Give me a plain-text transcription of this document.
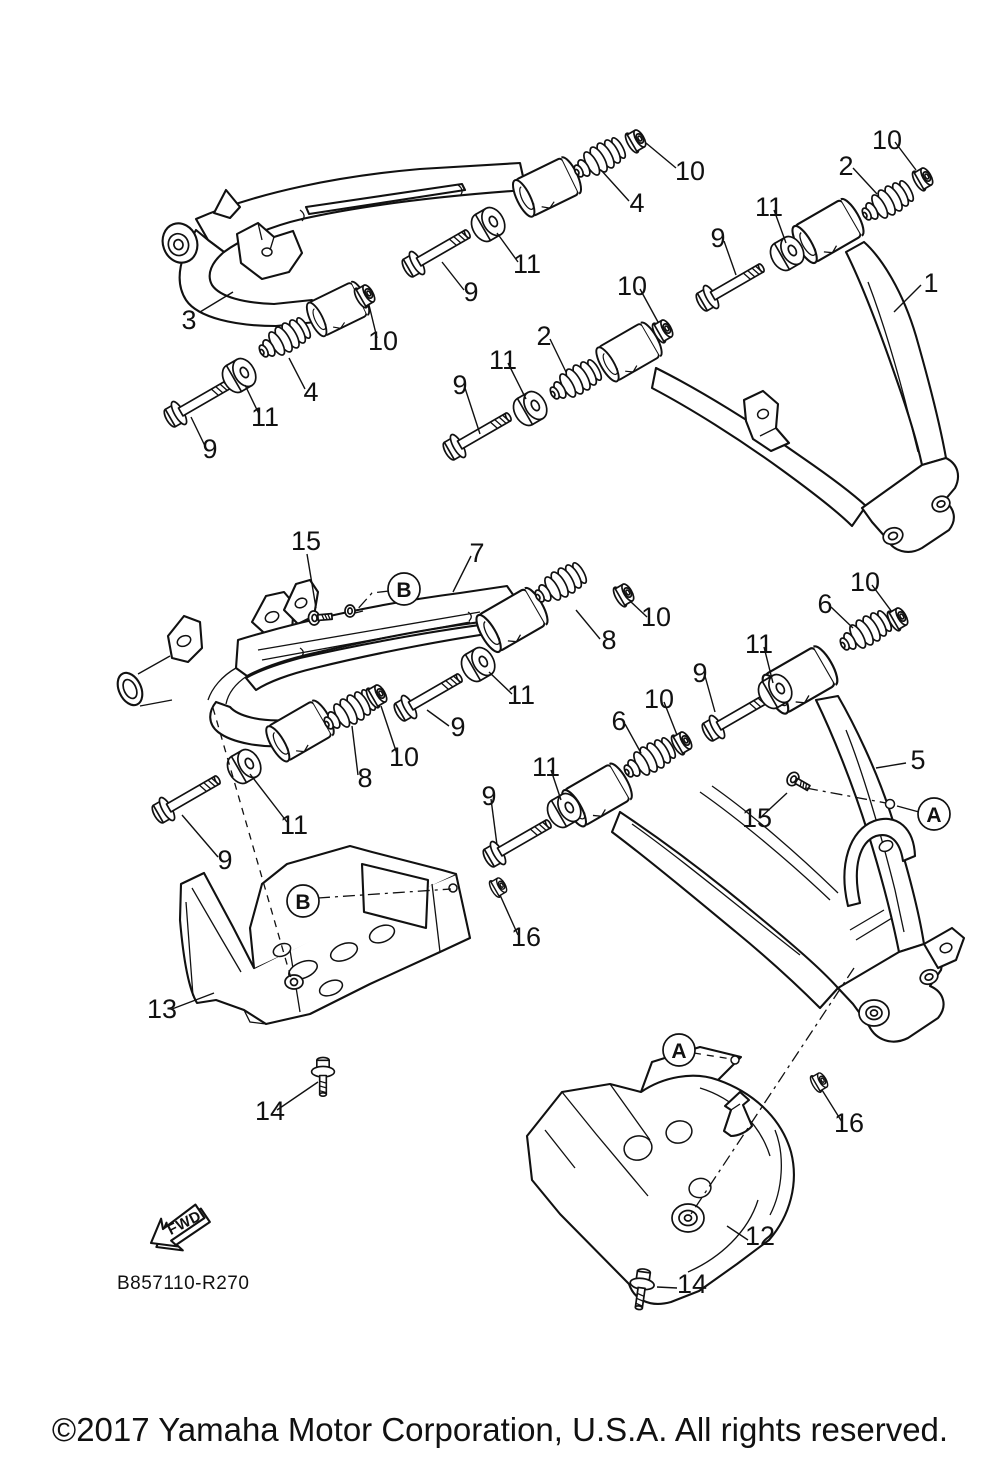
10
4
11
9
3
10
4
11
9
10
2
11
9
1
10
2
11
9
15	7
10
8
11
9
10
8
11
9
10
6
11
9
10
6
5
11
9
15
16
13
14	16
12
14
B
A
B
A
FWD
B857110-R270
©2017 Yamaha Motor Corporation, U.S.A. All rights reserved.
